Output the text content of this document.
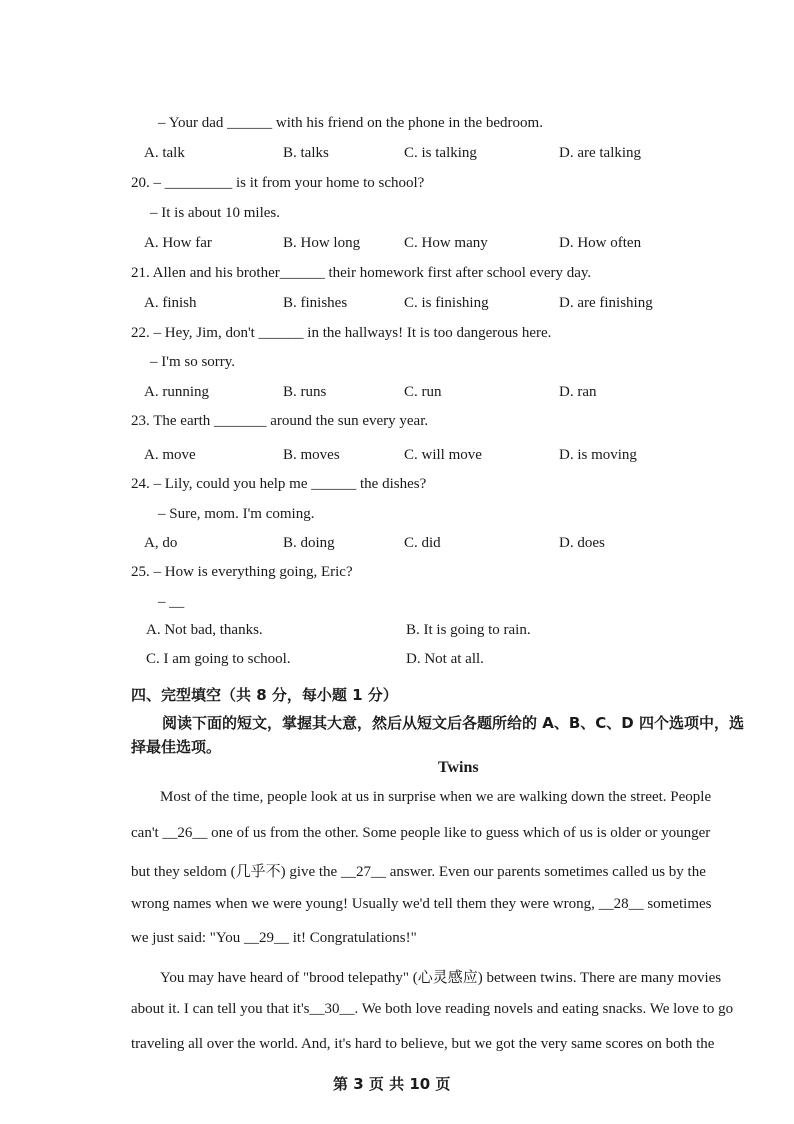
– Your dad ______ with his friend on the phone in the bedroom.
A. talk	B. talks	C. is talking	D. are talking
20. – _________ is it from your home to school?
– It is about 10 miles.
A. How far	B. How long	C. How many	D. How often
21. Allen and his brother______ their homework first after school every day.
A. finish	B. finishes	C. is finishing	D. are finishing
22. – Hey, Jim, don't ______ in the hallways! It is too dangerous here.
– I'm so sorry.
A. running	B. runs	C. run	D. ran
23. The earth _______ around the sun every year.
A. move	B. moves	C. will move	D. is moving
24. – Lily, could you help me ______ the dishes?
– Sure, mom. I'm coming.
A, do	B. doing	C. did	D. does
25. – How is everything going, Eric?
– __
A. Not bad, thanks.	B. It is going to rain.
C. I am going to school.	D. Not at all.
四、完型填空（共 8 分，每小题 1 分）
阅读下面的短文，掌握其大意，然后从短文后各题所给的 A、B、C、D 四个选项中，选
择最佳选项。
Twins
Most of the time, people look at us in surprise when we are walking down the street. People
can't __26__ one of us from the other. Some people like to guess which of us is older or younger
but they seldom (几乎不) give the __27__ answer. Even our parents sometimes called us by the
wrong names when we were young! Usually we'd tell them they were wrong, __28__ sometimes
we just said: "You __29__ it! Congratulations!"
You may have heard of "brood telepathy" (心灵感应) between twins. There are many movies
about it. I can tell you that it's__30__. We both love reading novels and eating snacks. We love to go
traveling all over the world. And, it's hard to believe, but we got the very same scores on both the
第 3 页 共 10 页
